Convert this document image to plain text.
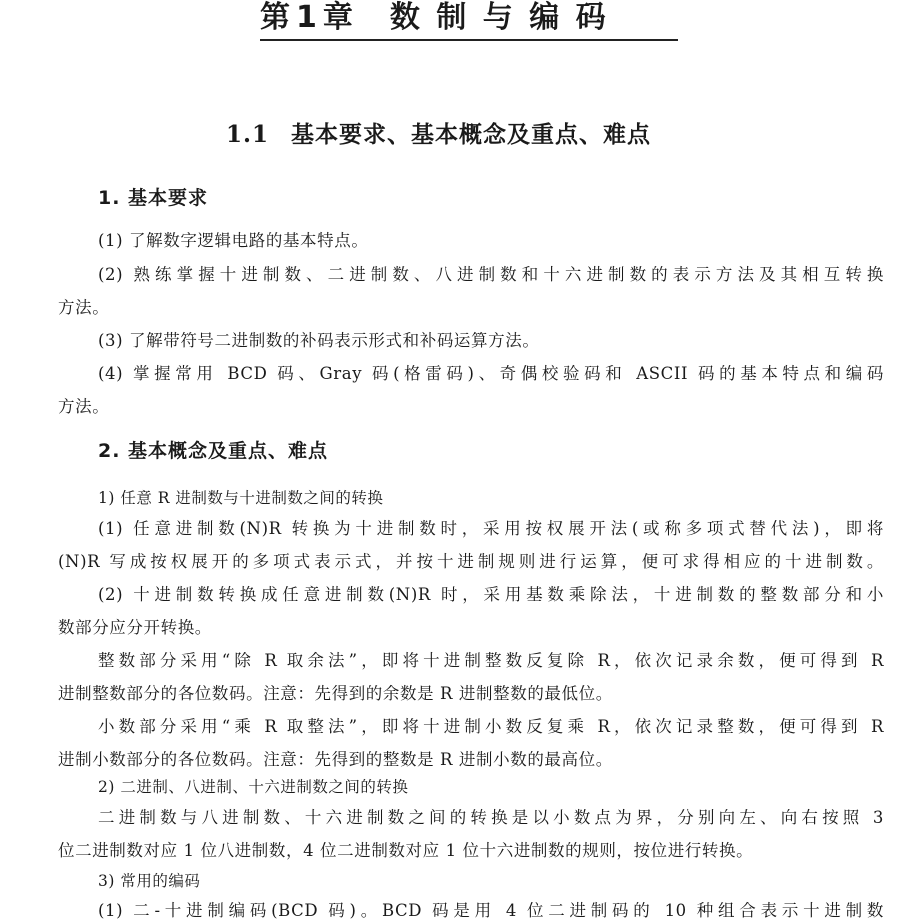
第 1 章 数 制 与 编 码
1.1 基本要求、基本概念及重点、难点
1. 基本要求
(1) 了解数字逻辑电路的基本特点。
(2) 熟练掌握十进制数、二进制数、八进制数和十六进制数的表示方法及其相互转换
方法。
(3) 了解带符号二进制数的补码表示形式和补码运算方法。
(4) 掌握常用 BCD 码、Gray 码(格雷码)、奇偶校验码和 ASCII 码的基本特点和编码
方法。
2. 基本概念及重点、难点
1) 任意 R 进制数与十进制数之间的转换
(1) 任意进制数(N)R 转换为十进制数时，采用按权展开法(或称多项式替代法)，即将
(N)R 写成按权展开的多项式表示式，并按十进制规则进行运算，便可求得相应的十进制数。
(2) 十进制数转换成任意进制数(N)R 时，采用基数乘除法，十进制数的整数部分和小
数部分应分开转换。
整数部分采用“除 R 取余法”，即将十进制整数反复除 R，依次记录余数，便可得到 R
进制整数部分的各位数码。注意：先得到的余数是 R 进制整数的最低位。
小数部分采用“乘 R 取整法”，即将十进制小数反复乘 R，依次记录整数，便可得到 R
进制小数部分的各位数码。注意：先得到的整数是 R 进制小数的最高位。
2) 二进制、八进制、十六进制数之间的转换
二进制数与八进制数、十六进制数之间的转换是以小数点为界，分别向左、向右按照 3
位二进制数对应 1 位八进制数，4 位二进制数对应 1 位十六进制数的规则，按位进行转换。
3) 常用的编码
(1) 二-十进制编码(BCD 码)。BCD 码是用 4 位二进制码的 10 种组合表示十进制数
